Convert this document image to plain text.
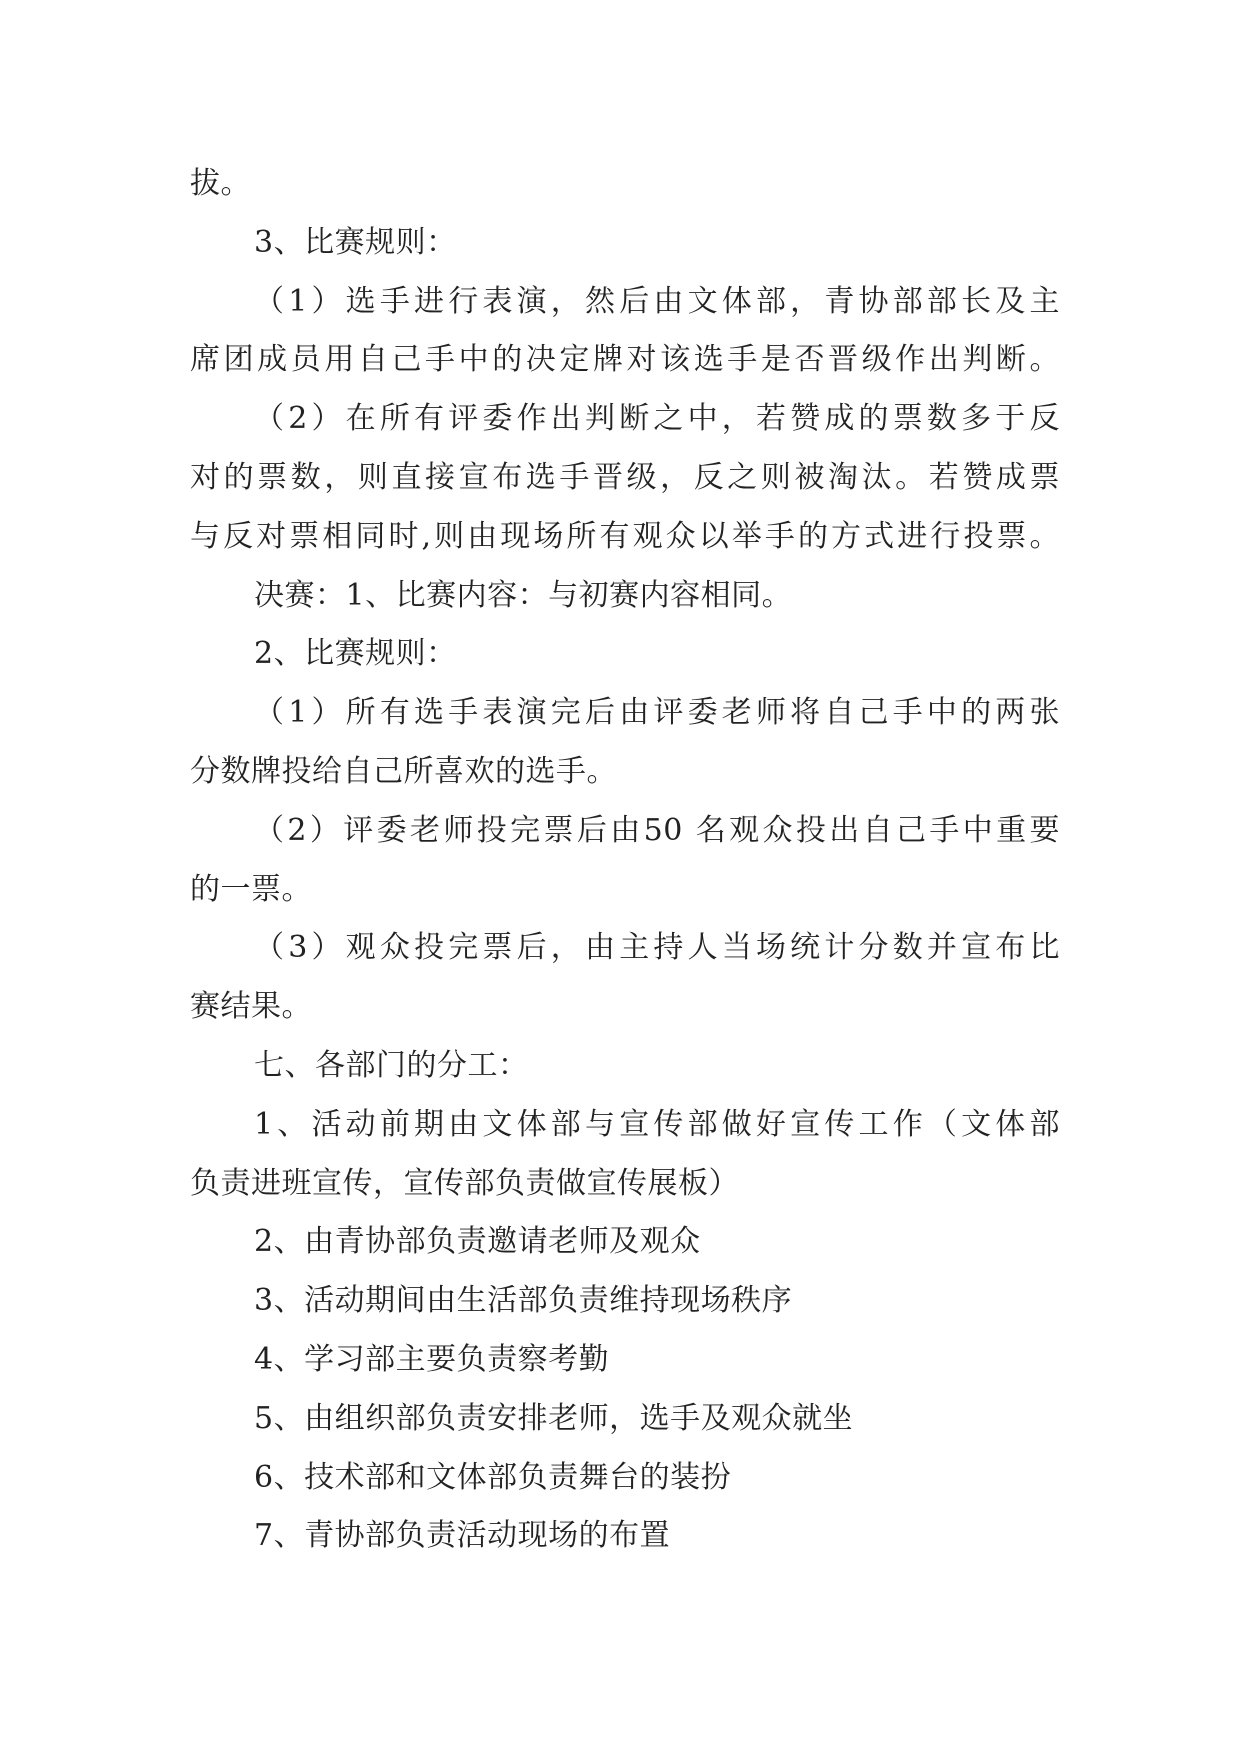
拔。
3、比赛规则：
（1）选手进行表演，然后由文体部，青协部部长及主
席团成员用自己手中的决定牌对该选手是否晋级作出判断。
（2）在所有评委作出判断之中，若赞成的票数多于反
对的票数，则直接宣布选手晋级，反之则被淘汰。若赞成票
与反对票相同时,则由现场所有观众以举手的方式进行投票。
决赛：1、比赛内容：与初赛内容相同。
2、比赛规则：
（1）所有选手表演完后由评委老师将自己手中的两张
分数牌投给自己所喜欢的选手。
（2）评委老师投完票后由50 名观众投出自己手中重要
的一票。
（3）观众投完票后，由主持人当场统计分数并宣布比
赛结果。
七、各部门的分工：
1、活动前期由文体部与宣传部做好宣传工作（文体部
负责进班宣传，宣传部负责做宣传展板）
2、由青协部负责邀请老师及观众
3、活动期间由生活部负责维持现场秩序
4、学习部主要负责察考勤
5、由组织部负责安排老师，选手及观众就坐
6、技术部和文体部负责舞台的装扮
7、青协部负责活动现场的布置
